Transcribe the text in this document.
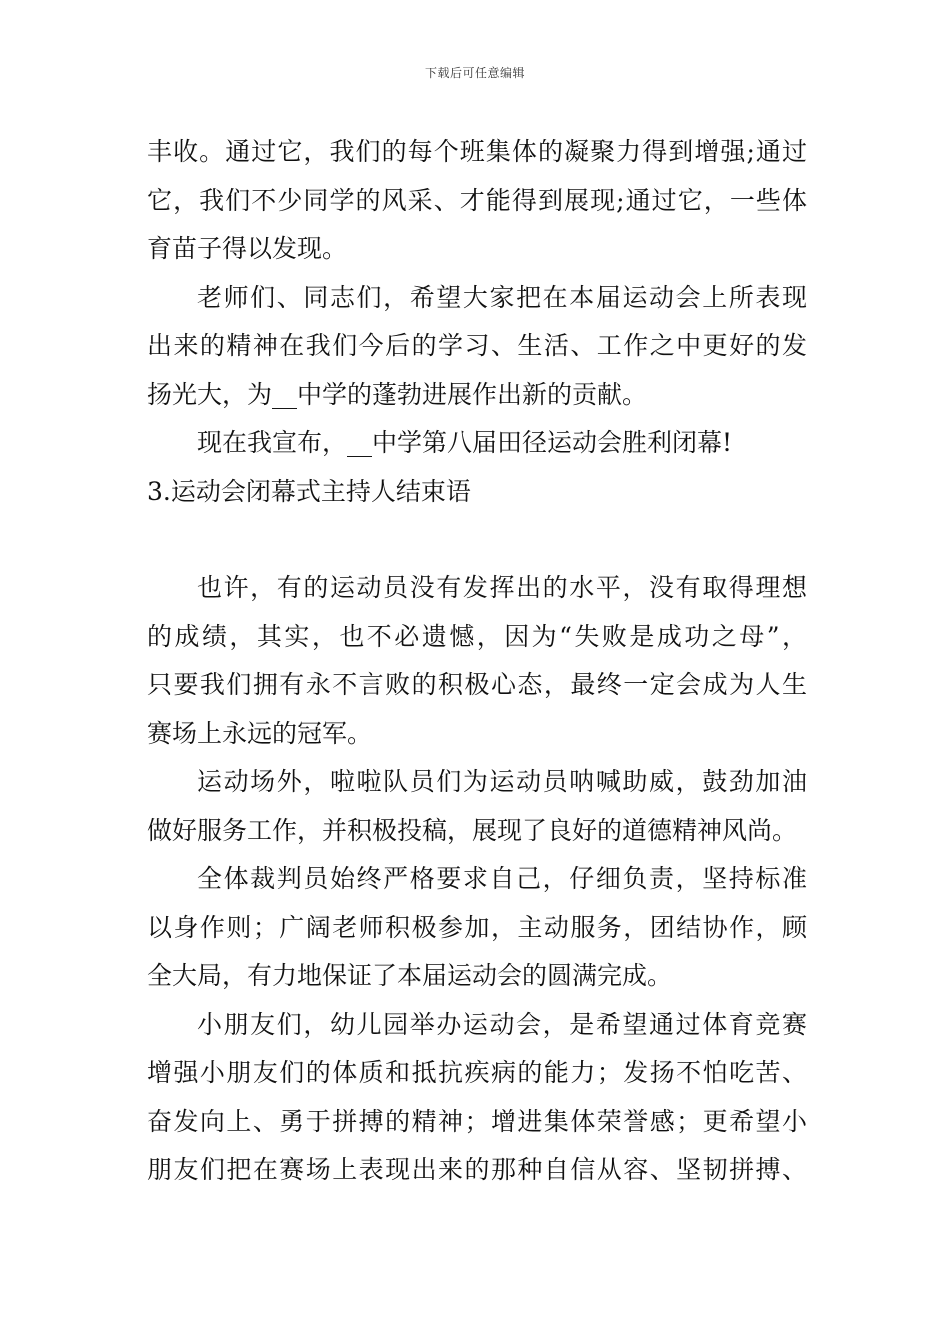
下载后可任意编辑
丰收。通过它，我们的每个班集体的凝聚力得到增强;通过
它，我们不少同学的风采、才能得到展现;通过它，一些体
育苗子得以发现。
老师们、同志们，希望大家把在本届运动会上所表现
出来的精神在我们今后的学习、生活、工作之中更好的发
扬光大，为__中学的蓬勃进展作出新的贡献。
现在我宣布，__中学第八届田径运动会胜利闭幕!
3.运动会闭幕式主持人结束语
也许，有的运动员没有发挥出的水平，没有取得理想
的成绩，其实，也不必遗憾，因为“失败是成功之母”，
只要我们拥有永不言败的积极心态，最终一定会成为人生
赛场上永远的冠军。
运动场外，啦啦队员们为运动员呐喊助威，鼓劲加油
做好服务工作，并积极投稿，展现了良好的道德精神风尚。
全体裁判员始终严格要求自己，仔细负责，坚持标准
以身作则；广阔老师积极参加，主动服务，团结协作，顾
全大局，有力地保证了本届运动会的圆满完成。
小朋友们，幼儿园举办运动会，是希望通过体育竞赛
增强小朋友们的体质和抵抗疾病的能力；发扬不怕吃苦、
奋发向上、勇于拼搏的精神；增进集体荣誉感；更希望小
朋友们把在赛场上表现出来的那种自信从容、坚韧拼搏、
